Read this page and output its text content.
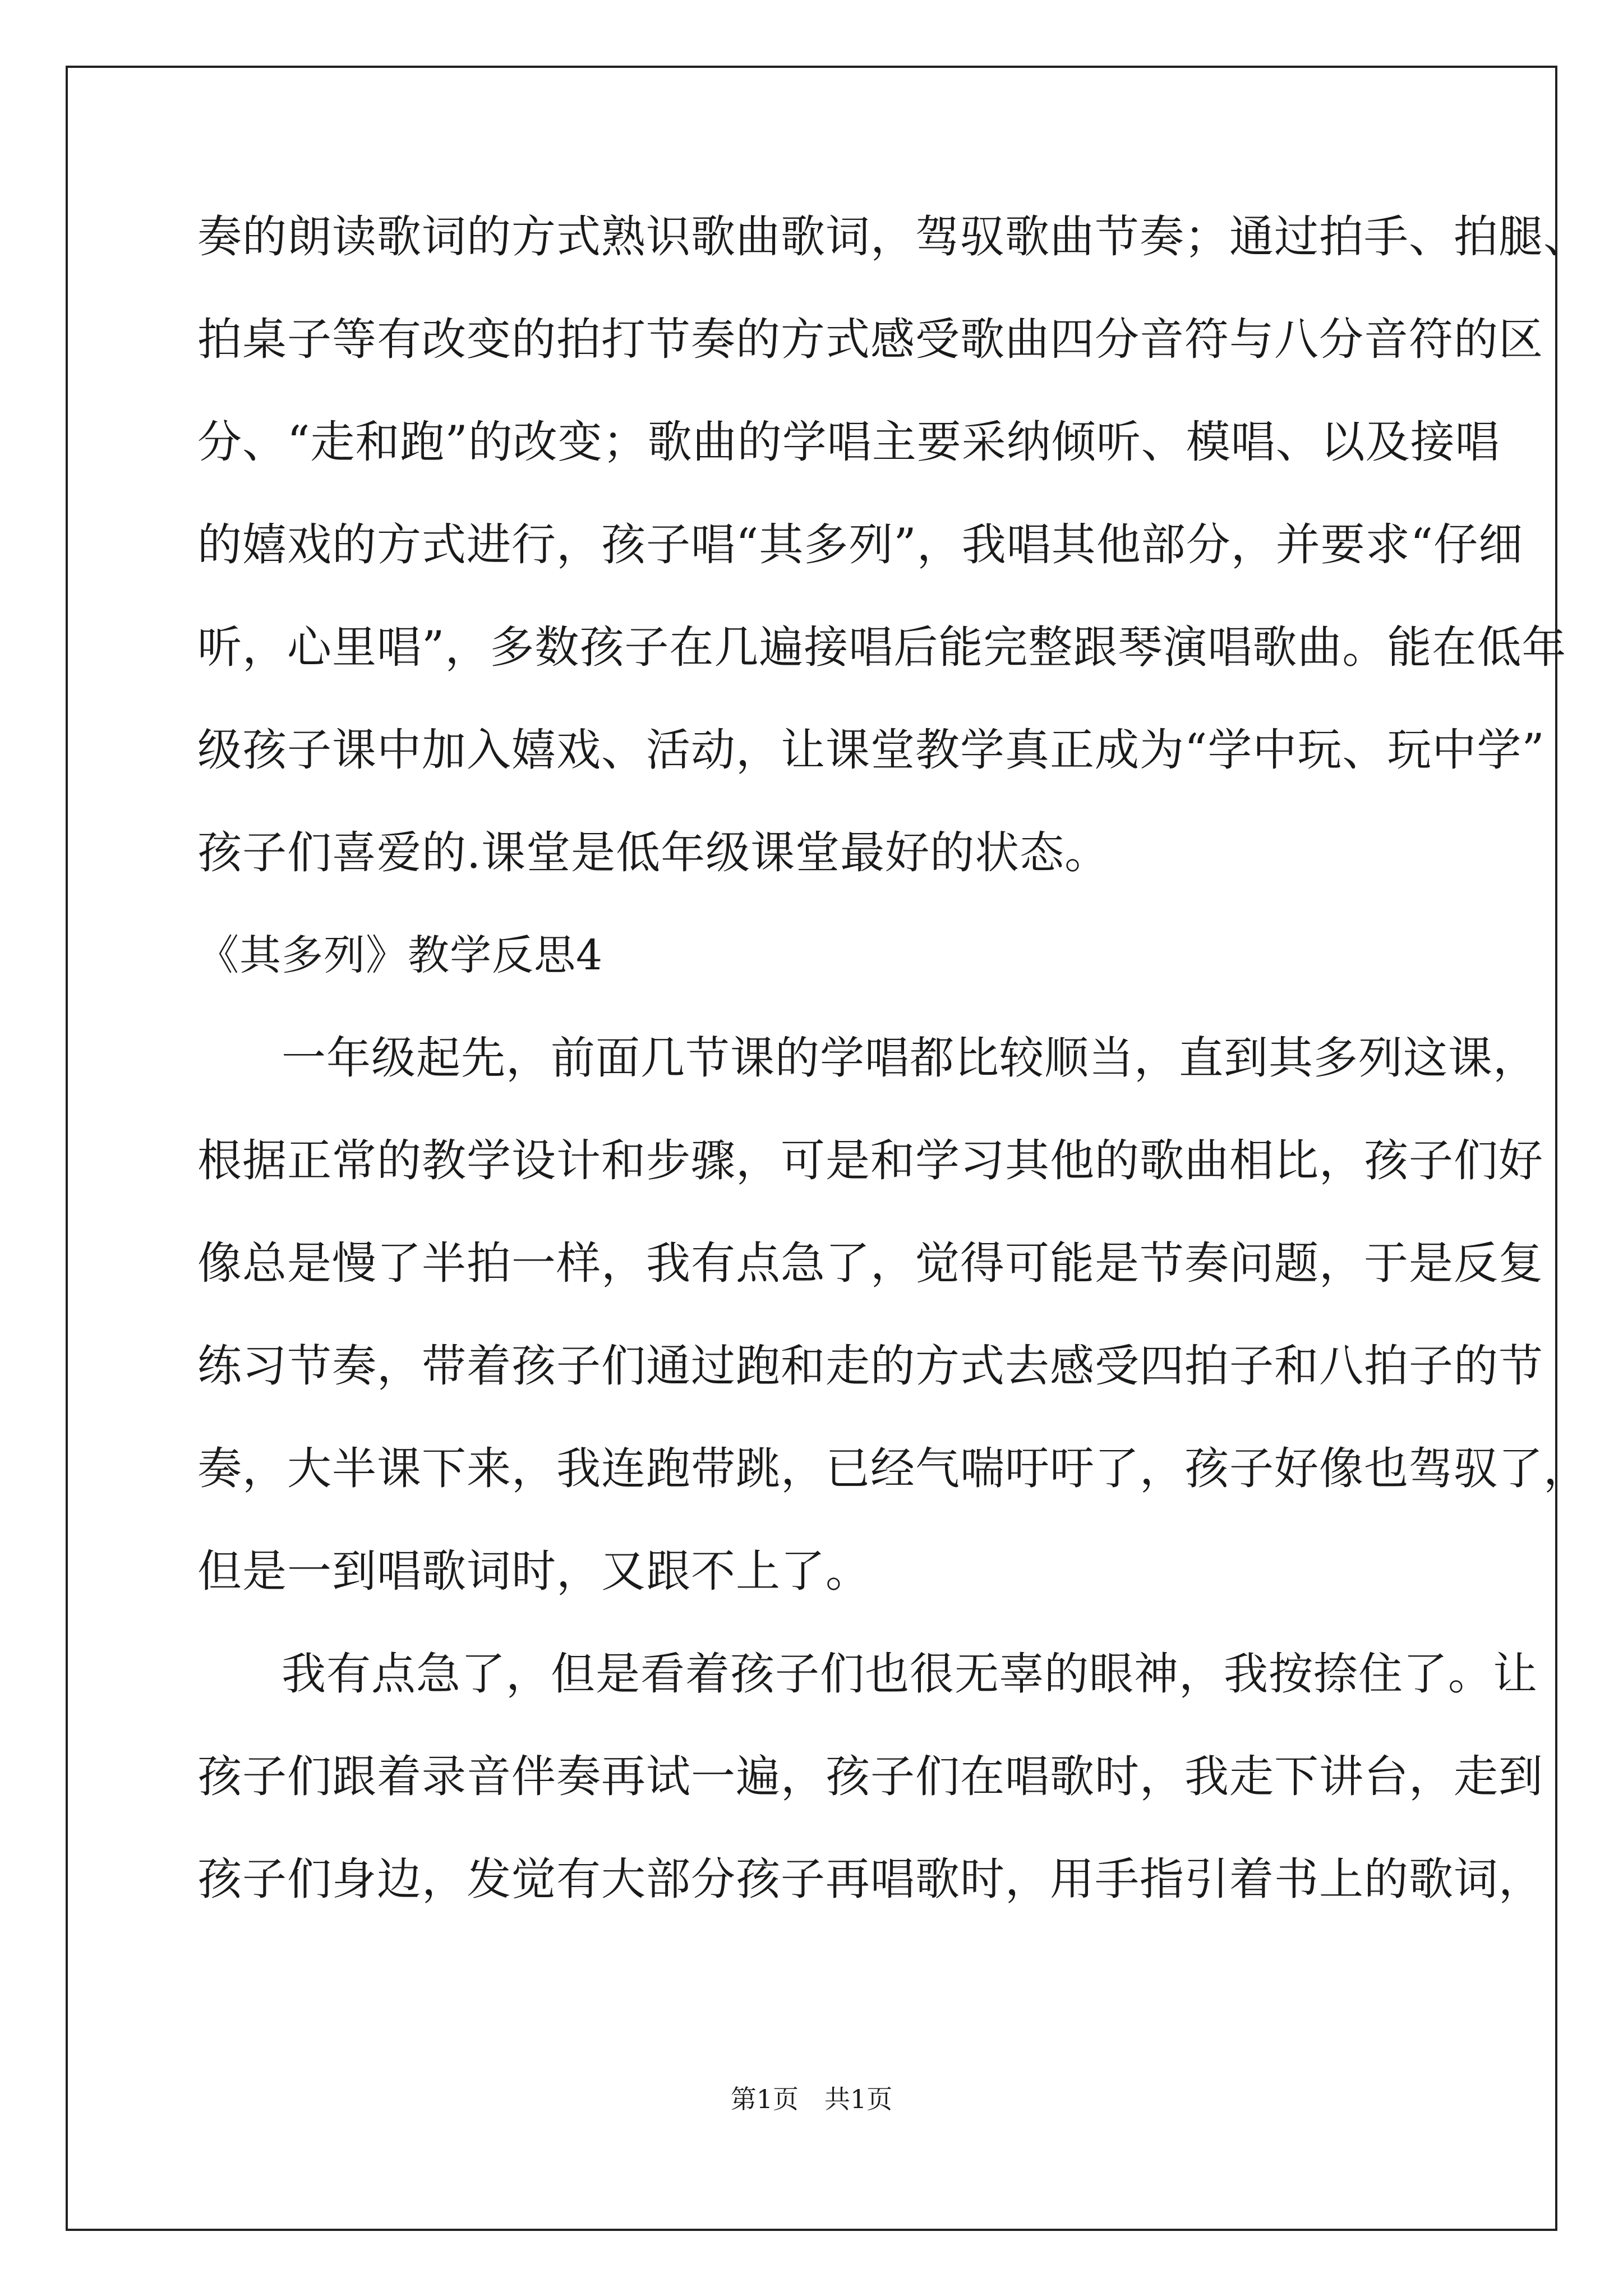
奏的朗读歌词的方式熟识歌曲歌词，驾驭歌曲节奏；通过拍手、拍腿、
拍桌子等有改变的拍打节奏的方式感受歌曲四分音符与八分音符的区
分、“走和跑”的改变；歌曲的学唱主要采纳倾听、模唱、以及接唱
的嬉戏的方式进行，孩子唱“其多列”，我唱其他部分，并要求“仔细
听，心里唱”，多数孩子在几遍接唱后能完整跟琴演唱歌曲。能在低年
级孩子课中加入嬉戏、活动，让课堂教学真正成为“学中玩、玩中学”
孩子们喜爱的.课堂是低年级课堂最好的状态。
《其多列》教学反思4
一年级起先，前面几节课的学唱都比较顺当，直到其多列这课，
根据正常的教学设计和步骤，可是和学习其他的歌曲相比，孩子们好
像总是慢了半拍一样，我有点急了，觉得可能是节奏问题，于是反复
练习节奏，带着孩子们通过跑和走的方式去感受四拍子和八拍子的节
奏，大半课下来，我连跑带跳，已经气喘吁吁了，孩子好像也驾驭了，
但是一到唱歌词时，又跟不上了。
我有点急了，但是看着孩子们也很无辜的眼神，我按捺住了。让
孩子们跟着录音伴奏再试一遍，孩子们在唱歌时，我走下讲台，走到
孩子们身边，发觉有大部分孩子再唱歌时，用手指引着书上的歌词，
第1页　共1页
